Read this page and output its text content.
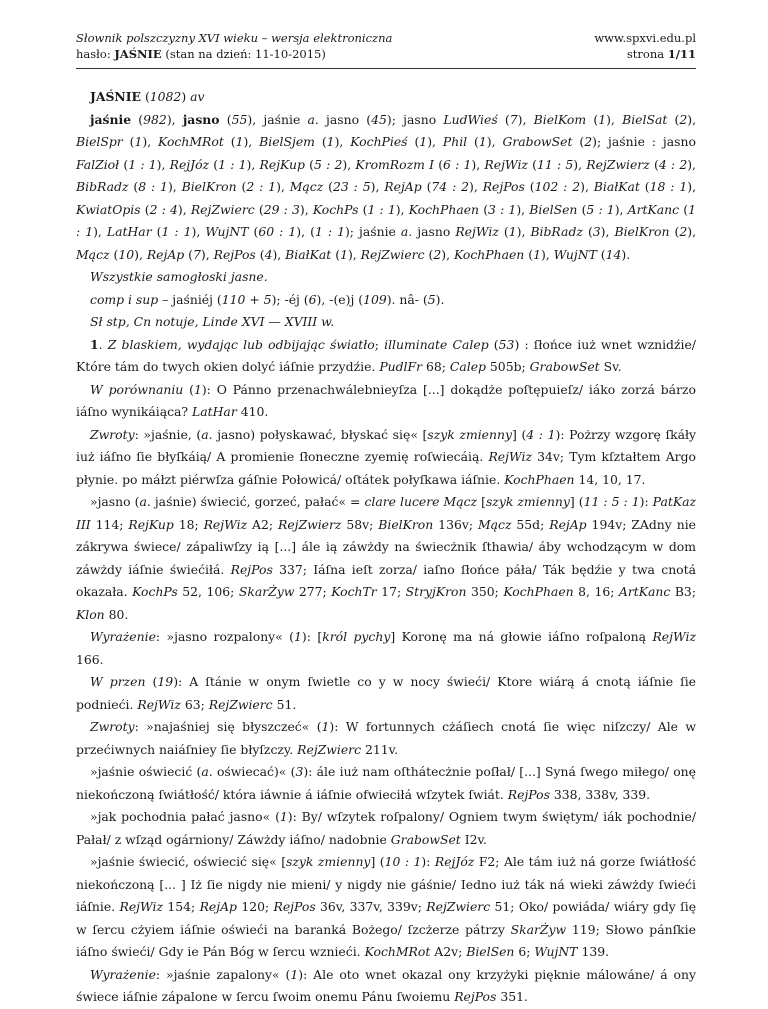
Słownik polszczyzny XVI wieku – wersja elektroniczna
hasło: JAŚNIE (stan na dzień: 11-10-2015)
www.spxvi.edu.pl
strona 1/11

JAŚNIE (1082) av

jaśnie (982), jasno (55), jaśnie a. jasno (45); jasno LudWieś (7), BielKom (1), BielSat (2), BielSpr (1), KochMRot (1), BielSjem (1), KochPieś (1), Phil (1), GrabowSet (2); jaśnie : jasno FalZioł (1 : 1), RejJóz (1 : 1), RejKup (5 : 2), KromRozm I (6 : 1), RejWiz (11 : 5), RejZwierz (4 : 2), BibRadz (8 : 1), BielKron (2 : 1), Mącz (23 : 5), RejAp (74 : 2), RejPos (102 : 2), BiałKat (18 : 1), KwiatOpis (2 : 4), RejZwierc (29 : 3), KochPs (1 : 1), KochPhaen (3 : 1), BielSen (5 : 1), ArtKanc (1 : 1), LatHar (1 : 1), WujNT (60 : 1), (1 : 1); jaśnie a. jasno RejWiz (1), BibRadz (3), BielKron (2), Mącz (10), RejAp (7), RejPos (4), BiałKat (1), RejZwierc (2), KochPhaen (1), WujNT (14).

Wszystkie samogłoski jasne.

comp i sup – jaśniéj (110 + 5); -éj (6), -(e)j (109). nâ- (5).

Sł stp, Cn notuje, Linde XVI — XVIII w.

1. Z blaskiem, wydając lub odbijając światło; illuminate Calep (53) : ſłońce iuż wnet wznidźie/ Które tám do twych okien dolyć iáſnie przydźie. PudlFr 68; Calep 505b; GrabowSet Sv.

W porównaniu (1): O Pánno przenachwálebnieyſza [...] dokądże poſtępuieſz/ iáko zorzá bárzo iáſno wynikáiąca? LatHar 410.

Zwroty: »jaśnie, (a. jasno) połyskawać, błyskać się« [szyk zmienny] (4 : 1): Pożrzy wzgorę ſkáły iuż iáſno ſie błyſkáią/ A promienie ſłoneczne zyemię roſwiecáią. RejWiz 34v; Tym kſztałtem Argo płynie. po máłzt piérwſza gáſnie Połowicá/ oſtátek połyſkawa iáſnie. KochPhaen 14, 10, 17.

»jasno (a. jaśnie) świecić, gorzeć, pałać« = clare lucere Mącz [szyk zmienny] (11 : 5 : 1): PatKaz III 114; RejKup 18; RejWiz A2; RejZwierz 58v; BielKron 136v; Mącz 55d; RejAp 194v; ZAdny nie zákrywa świece/ zápaliwſzy ią [...] ále ią záwżdy na świecżnik ſthawia/ áby wchodzącym w dom záwżdy iáſnie świećiłá. RejPos 337; Iáſna ieſt zorza/ iaſno ſłońce páła/ Ták będźie y twa cnotá okazała. KochPs 52, 106; SkarŻyw 277; KochTr 17; StryjKron 350; KochPhaen 8, 16; ArtKanc B3; Klon 80.

Wyrażenie: »jasno rozpalony« (1): [król pychy] Koronę ma ná głowie iáſno roſpaloną RejWiz 166.

W przen (19): A ſtánie w onym ſwietle co y w nocy świeći/ Ktore wiárą á cnotą iáſnie ſie podnieći. RejWiz 63; RejZwierc 51.

Zwroty: »najaśniej się błyszczeć« (1): W fortunnych cżáſiech cnotá ſie więc niſzczy/ Ale w przećiwnych naiáſniey ſie błyſzczy. RejZwierc 211v.

»jaśnie oświecić (a. oświecać)« (3): ále iuż nam oſthátecżnie poſłał/ [...] Syná ſwego miłego/ onę niekończoną ſwiátłość/ która iáwnie á iáſnie ofwieciłá wſzytek ſwiát. RejPos 338, 338v, 339.

»jak pochodnia pałać jasno« (1): By/ wſzytek roſpalony/ Ogniem twym świętym/ iák pochodnie/ Pałał/ z wſząd ogárniony/ Záwżdy iáſno/ nadobnie GrabowSet I2v.

»jaśnie świecić, oświecić się« [szyk zmienny] (10 : 1): RejJóz F2; Ale tám iuż ná gorze ſwiátłość niekończoną [... ] Iż ſie nigdy nie mieni/ y nigdy nie gáśnie/ Iedno iuż ták ná wieki záwżdy ſwieći iáſnie. RejWiz 154; RejAp 120; RejPos 36v, 337v, 339v; RejZwierc 51; Oko/ powiáda/ wiáry gdy ſię w ſercu cżyiem iáſnie oświeći na baranká Bożego/ ſzcżerze pátrzy SkarŻyw 119; Słowo pánſkie iáſno świeći/ Gdy ie Pán Bóg w ſercu wznieći. KochMRot A2v; BielSen 6; WujNT 139.

Wyrażenie: »jaśnie zapalony« (1): Ale oto wnet okazal ony krzyżyki pięknie málowáne/ á ony świece iáſnie zápalone w ſercu ſwoim onemu Pánu ſwoiemu RejPos 351.
